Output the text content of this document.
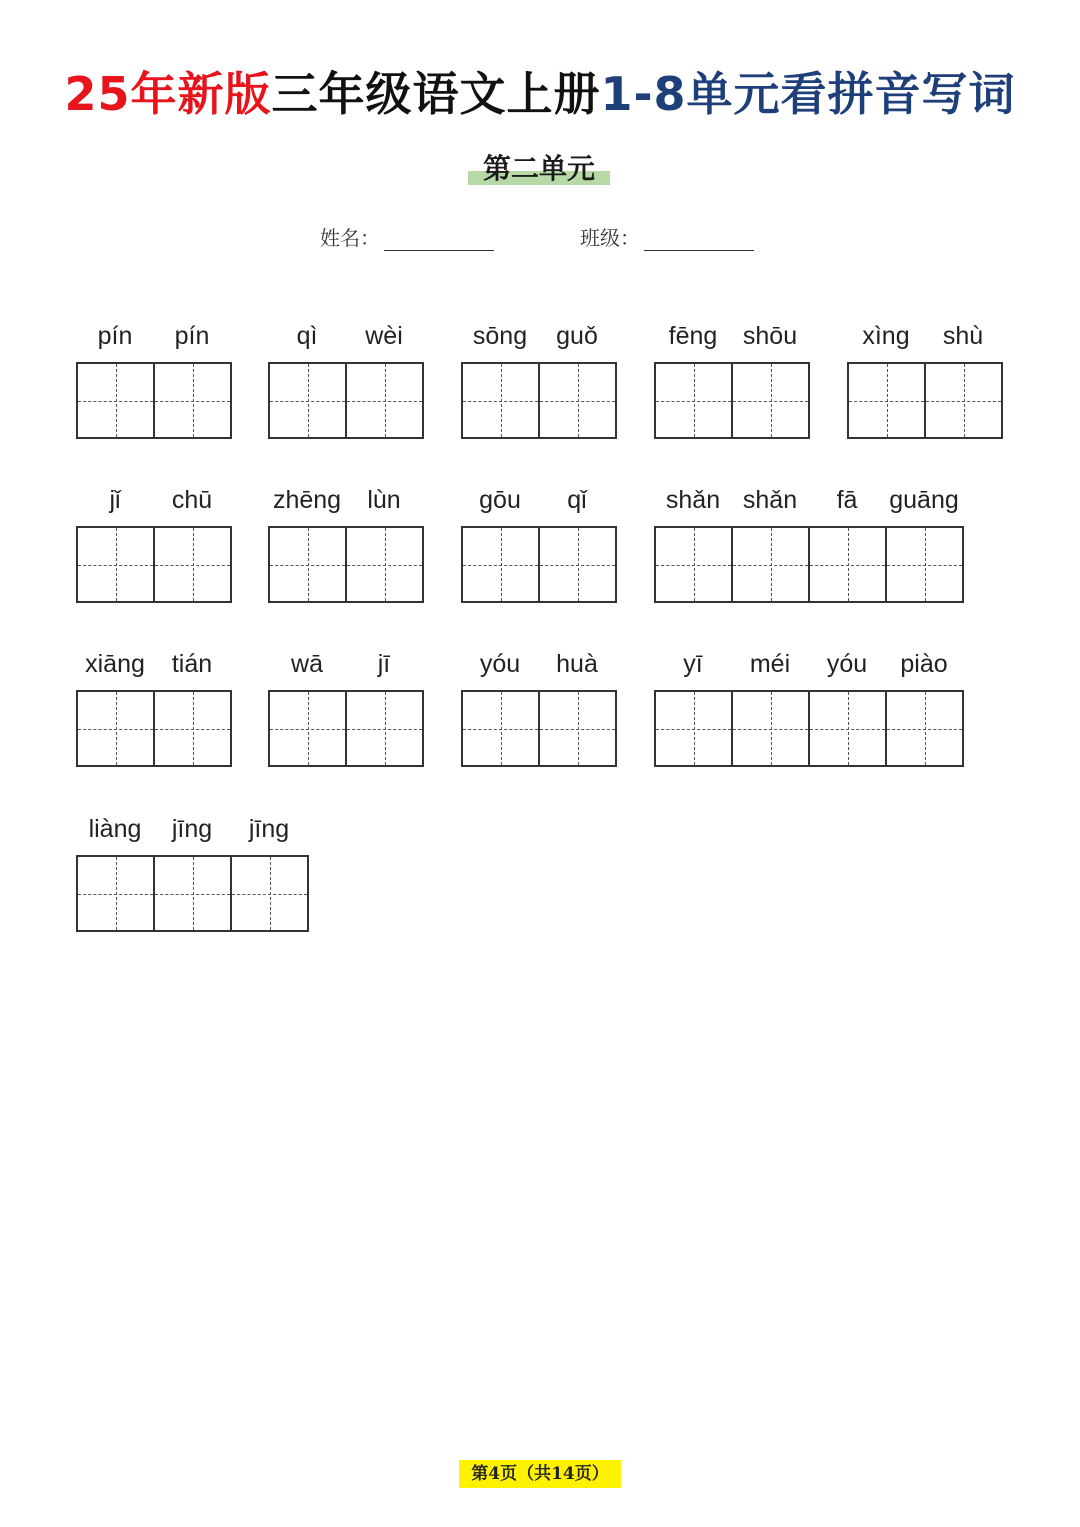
25年新版三年级语文上册1-8单元看拼音写词
第二单元
姓名：	班级：
pín	pín	qì	wèi	sōng	guǒ	fēng	shōu	xìng	shù
jǐ	chū	zhēng	lùn	gōu	qǐ	shǎn shǎn	fā	guāng
xiāng	tián	wā	jī	yóu	huà	yī	méi	yóu	piào
liàng	jīng	jīng
第4页（共14页）
